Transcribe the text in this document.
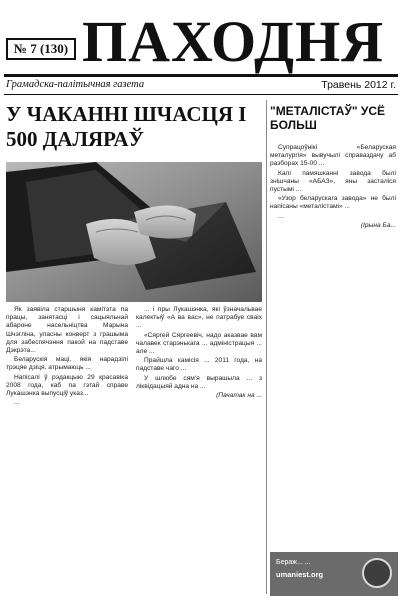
№ 7 (130) ПАХОДНЯ
Грамадска-палітычная газета	Травень 2012 г.
У ЧАКАННІ ШЧАСЦЯ І 500 ДАЛЯРАЎ

Як заявіла старшыня камітэта па працы, занятасці і сацыяльнай абароне насельніцтва Марына Шчэгліна, уласны конверт з грашыма для забеспячэння пакой на падставе Дэкрэта...

Беларускія маці, якія нарадзілі трэцяе дзіця, атрымаюць ...

Напісалі ў рэдакцыю 29 красавіка 2008 года, каб па гэтай справе Лукашэнка выпусціў указ...

...

... і пры Лукашэнка, які ўзначальвае калектыў «А ва вас», не патрабуе сваіх ...

«Сяргей Сяргеевіч, надо аказвае вам чалавек старэнькага ... адміністрацыя ... але ...

Прайшла камісія ... 2011 года, на падставе чаго ...

У шлюбе сям'я вырашыла ... з ліквідацыяй адна на ...

(Пачатак на ...
"МЕТАЛІСТАЎ" УСЁ БОЛЬШ

Супрацоўнікі «Беларуская металургія» вывучылі справаздачу аб разборах 15-00 ...

Калі памяшканні завода былі знішчаны «АБАЗ», яны засталіся пустымі ...

«Узор беларускага завода» не былі напісаны «металістамі» ...

...

(Ірына Ба...
Бераж... ...
umaniest.org
